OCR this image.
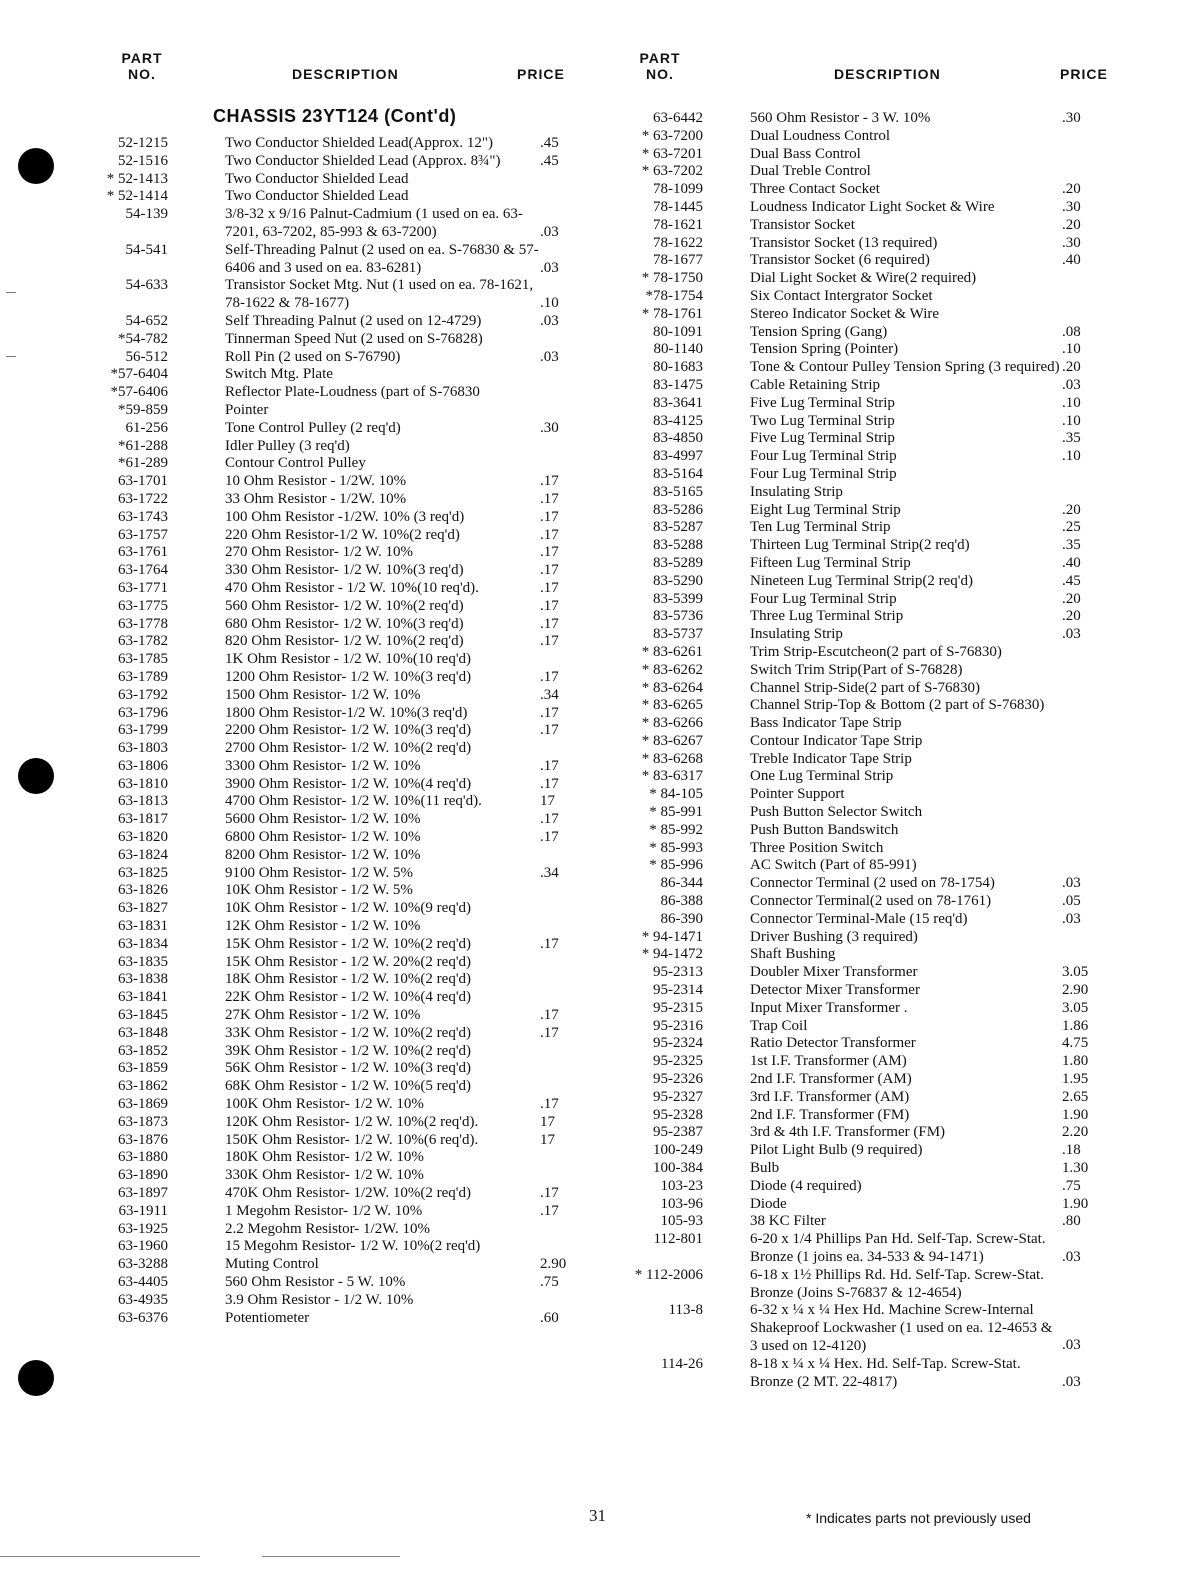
PART
NO.	DESCRIPTION	PRICE
PART
NO.	DESCRIPTION	PRICE
CHASSIS 23YT124 (Cont'd)
52-1215	Two Conductor Shielded Lead(Approx. 12")	.45
52-1516	Two Conductor Shielded Lead (Approx. 8¾")	.45
* 52-1413	Two Conductor Shielded Lead
* 52-1414	Two Conductor Shielded Lead
54-139	3/8-32 x 9/16 Palnut-Cadmium (1 used on ea. 63-7201, 63-7202, 85-993 & 63-7200)	.03
54-541	Self-Threading Palnut (2 used on ea. S-76830 & 57-6406 and 3 used on ea. 83-6281)	.03
54-633	Transistor Socket Mtg. Nut (1 used on ea. 78-1621, 78-1622 & 78-1677)	.10
54-652	Self Threading Palnut (2 used on 12-4729)	.03
*54-782	Tinnerman Speed Nut (2 used on S-76828)
56-512	Roll Pin (2 used on S-76790)	.03
*57-6404	Switch Mtg. Plate
*57-6406	Reflector Plate-Loudness (part of S-76830
*59-859	Pointer
61-256	Tone Control Pulley (2 req'd)	.30
*61-288	Idler Pulley (3 req'd)
*61-289	Contour Control Pulley
63-1701	10 Ohm Resistor - 1/2W. 10%	.17
63-1722	33 Ohm Resistor - 1/2W. 10%	.17
63-1743	100 Ohm Resistor -1/2W. 10% (3 req'd)	.17
63-1757	220 Ohm Resistor-1/2 W. 10%(2 req'd)	.17
63-1761	270 Ohm Resistor- 1/2 W. 10%	.17
63-1764	330 Ohm Resistor- 1/2 W. 10%(3 req'd)	.17
63-1771	470 Ohm Resistor - 1/2 W. 10%(10 req'd).	.17
63-1775	560 Ohm Resistor- 1/2 W. 10%(2 req'd)	.17
63-1778	680 Ohm Resistor- 1/2 W. 10%(3 req'd)	.17
63-1782	820 Ohm Resistor- 1/2 W. 10%(2 req'd)	.17
63-1785	1K Ohm Resistor - 1/2 W. 10%(10 req'd)
63-1789	1200 Ohm Resistor- 1/2 W. 10%(3 req'd)	.17
63-1792	1500 Ohm Resistor- 1/2 W. 10%	.34
63-1796	1800 Ohm Resistor-1/2 W. 10%(3 req'd)	.17
63-1799	2200 Ohm Resistor- 1/2 W. 10%(3 req'd)	.17
63-1803	2700 Ohm Resistor- 1/2 W. 10%(2 req'd)
63-1806	3300 Ohm Resistor- 1/2 W. 10%	.17
63-1810	3900 Ohm Resistor- 1/2 W. 10%(4 req'd)	.17
63-1813	4700 Ohm Resistor- 1/2 W. 10%(11 req'd).	17
63-1817	5600 Ohm Resistor- 1/2 W. 10%	.17
63-1820	6800 Ohm Resistor- 1/2 W. 10%	.17
63-1824	8200 Ohm Resistor- 1/2 W. 10%
63-1825	9100 Ohm Resistor- 1/2 W. 5%	.34
63-1826	10K Ohm Resistor - 1/2 W. 5%
63-1827	10K Ohm Resistor - 1/2 W. 10%(9 req'd)
63-1831	12K Ohm Resistor - 1/2 W. 10%
63-1834	15K Ohm Resistor - 1/2 W. 10%(2 req'd)	.17
63-1835	15K Ohm Resistor - 1/2 W. 20%(2 req'd)
63-1838	18K Ohm Resistor - 1/2 W. 10%(2 req'd)
63-1841	22K Ohm Resistor - 1/2 W. 10%(4 req'd)
63-1845	27K Ohm Resistor - 1/2 W. 10%	.17
63-1848	33K Ohm Resistor - 1/2 W. 10%(2 req'd)	.17
63-1852	39K Ohm Resistor - 1/2 W. 10%(2 req'd)
63-1859	56K Ohm Resistor - 1/2 W. 10%(3 req'd)
63-1862	68K Ohm Resistor - 1/2 W. 10%(5 req'd)
63-1869	100K Ohm Resistor- 1/2 W. 10%	.17
63-1873	120K Ohm Resistor- 1/2 W. 10%(2 req'd).	17
63-1876	150K Ohm Resistor- 1/2 W. 10%(6 req'd).	17
63-1880	180K Ohm Resistor- 1/2 W. 10%
63-1890	330K Ohm Resistor- 1/2 W. 10%
63-1897	470K Ohm Resistor- 1/2W. 10%(2 req'd)	.17
63-1911	1 Megohm Resistor- 1/2 W. 10%	.17
63-1925	2.2 Megohm Resistor- 1/2W. 10%
63-1960	15 Megohm Resistor- 1/2 W. 10%(2 req'd)
63-3288	Muting Control	2.90
63-4405	560 Ohm Resistor - 5 W. 10%	.75
63-4935	3.9 Ohm Resistor - 1/2 W. 10%
63-6376	Potentiometer	.60
63-6442	560 Ohm Resistor - 3 W. 10%	.30
* 63-7200	Dual Loudness Control
* 63-7201	Dual Bass Control
* 63-7202	Dual Treble Control
78-1099	Three Contact Socket	.20
78-1445	Loudness Indicator Light Socket & Wire	.30
78-1621	Transistor Socket	.20
78-1622	Transistor Socket (13 required)	.30
78-1677	Transistor Socket (6 required)	.40
* 78-1750	Dial Light Socket & Wire(2 required)
*78-1754	Six Contact Intergrator Socket
* 78-1761	Stereo Indicator Socket & Wire
80-1091	Tension Spring (Gang)	.08
80-1140	Tension Spring (Pointer)	.10
80-1683	Tone & Contour Pulley Tension Spring (3 required) .20
83-1475	Cable Retaining Strip	.03
83-3641	Five Lug Terminal Strip	.10
83-4125	Two Lug Terminal Strip	.10
83-4850	Five Lug Terminal Strip	.35
83-4997	Four Lug Terminal Strip	.10
83-5164	Four Lug Terminal Strip
83-5165	Insulating Strip
83-5286	Eight Lug Terminal Strip	.20
83-5287	Ten Lug Terminal Strip	.25
83-5288	Thirteen Lug Terminal Strip(2 req'd)	.35
83-5289	Fifteen Lug Terminal Strip	.40
83-5290	Nineteen Lug Terminal Strip(2 req'd)	.45
83-5399	Four Lug Terminal Strip	.20
83-5736	Three Lug Terminal Strip	.20
83-5737	Insulating Strip	.03
* 83-6261	Trim Strip-Escutcheon(2 part of S-76830)
* 83-6262	Switch Trim Strip(Part of S-76828)
* 83-6264	Channel Strip-Side(2 part of S-76830)
* 83-6265	Channel Strip-Top & Bottom (2 part of S-76830)
* 83-6266	Bass Indicator Tape Strip
* 83-6267	Contour Indicator Tape Strip
* 83-6268	Treble Indicator Tape Strip
* 83-6317	One Lug Terminal Strip
* 84-105	Pointer Support
* 85-991	Push Button Selector Switch
* 85-992	Push Button Bandswitch
* 85-993	Three Position Switch
* 85-996	AC Switch (Part of 85-991)
86-344	Connector Terminal (2 used on 78-1754)	.03
86-388	Connector Terminal(2 used on 78-1761)	.05
86-390	Connector Terminal-Male (15 req'd)	.03
* 94-1471	Driver Bushing (3 required)
* 94-1472	Shaft Bushing
95-2313	Doubler Mixer Transformer	3.05
95-2314	Detector Mixer Transformer	2.90
95-2315	Input Mixer Transformer .	3.05
95-2316	Trap Coil	1.86
95-2324	Ratio Detector Transformer	4.75
95-2325	1st I.F. Transformer (AM)	1.80
95-2326	2nd I.F. Transformer (AM)	1.95
95-2327	3rd I.F. Transformer (AM)	2.65
95-2328	2nd I.F. Transformer (FM)	1.90
95-2387	3rd & 4th I.F. Transformer (FM)	2.20
100-249	Pilot Light Bulb (9 required)	.18
100-384	Bulb	1.30
103-23	Diode (4 required)	.75
103-96	Diode	1.90
105-93	38 KC Filter	.80
112-801	6-20 x 1/4 Phillips Pan Hd. Self-Tap. Screw-Stat. Bronze (1 joins ea. 34-533 & 94-1471)	.03
* 112-2006	6-18 x 1½ Phillips Rd. Hd. Self-Tap. Screw-Stat. Bronze (Joins S-76837 & 12-4654)
113-8	6-32 x ¼ x ¼ Hex Hd. Machine Screw-Internal Shakeproof Lockwasher (1 used on ea. 12-4653 & 3 used on 12-4120)	.03
114-26	8-18 x ¼ x ¼ Hex. Hd. Self-Tap. Screw-Stat. Bronze (2 MT. 22-4817)	.03
31	* Indicates parts not previously used
